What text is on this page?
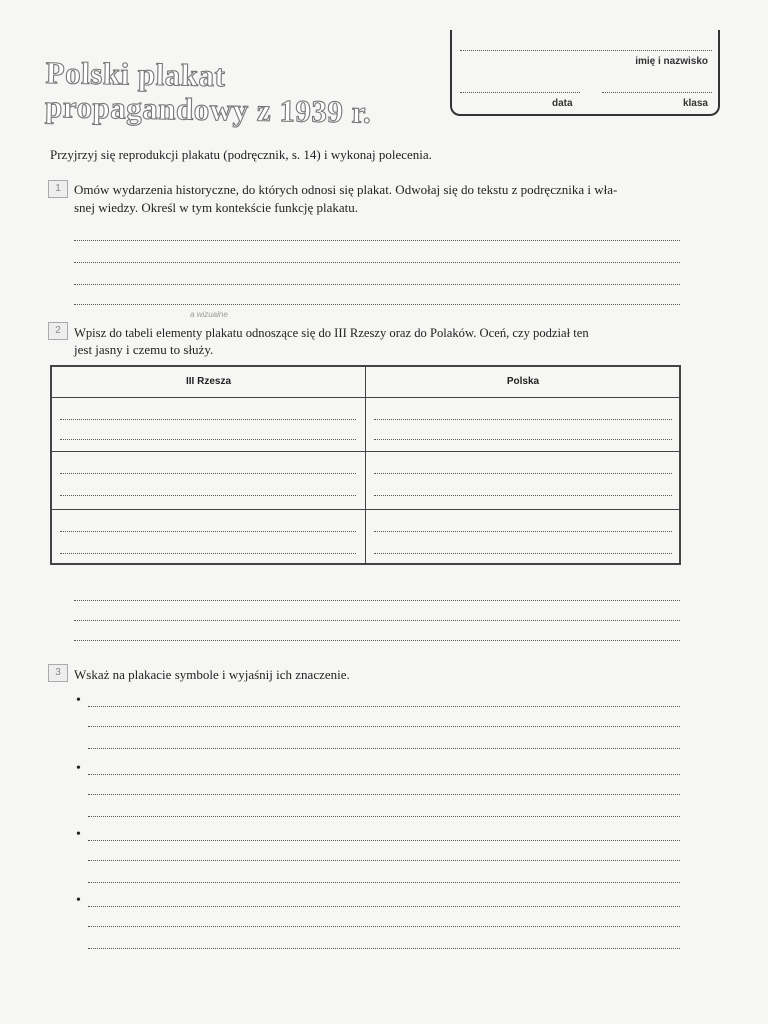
Polski plakat
propagandowy z 1939 r.
imię i nazwisko
data	klasa
Przyjrzyj się reprodukcji plakatu (podręcznik, s. 14) i wykonaj polecenia.
1	Omów wydarzenia historyczne, do których odnosi się plakat. Odwołaj się do tekstu z podręcznika i wła-
snej wiedzy. Określ w tym kontekście funkcję plakatu.
a wizualne
2	Wpisz do tabeli elementy plakatu odnoszące się do III Rzeszy oraz do Polaków. Oceń, czy podział ten
jest jasny i czemu to służy.
III Rzesza	Polska
3	Wskaż na plakacie symbole i wyjaśnij ich znaczenie.
•
•
•
•
